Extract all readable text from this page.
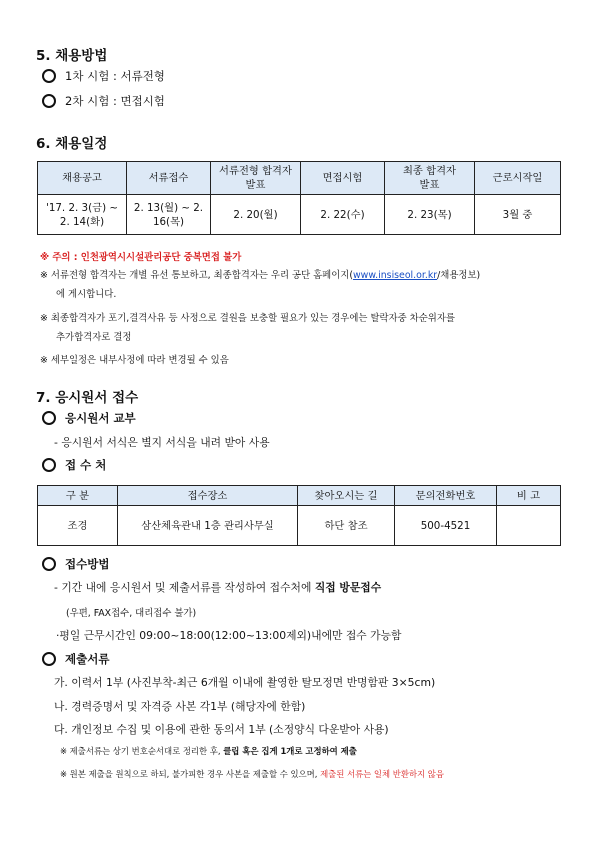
5. 채용방법
1차 시험 : 서류전형
2차 시험 : 면접시험
6. 채용일정
채용공고	서류접수	서류전형 합격자발표	면접시험	최종 합격자발표	근로시작일
'17. 2. 3(금) ~ 2. 14(화)	2. 13(월) ~ 2. 16(목)	2. 20(월)	2. 22(수)	2. 23(목)	3월 중
※ 주의 : 인천광역시시설관리공단 중복면접 불가
※ 서류전형 합격자는 개별 유선 통보하고, 최종합격자는 우리 공단 홈페이지(www.insiseol.or.kr/채용정보)
에 게시합니다.
※ 최종합격자가 포기,결격사유 등 사정으로 결원을 보충할 필요가 있는 경우에는 탈락자중 차순위자를
추가합격자로 결정
※ 세부일정은 내부사정에 따라 변경될 수 있음
7. 응시원서 접수
응시원서 교부
- 응시원서 서식은 별지 서식을 내려 받아 사용
접 수 처
구 분	접수장소	찾아오시는 길	문의전화번호	비 고
조경	삼산체육관내 1층 관리사무실	하단 참조	500-4521	
접수방법
- 기간 내에 응시원서 및 제출서류를 작성하여 접수처에 직접 방문접수
(우편, FAX접수, 대리접수 불가)
·평일 근무시간인 09:00~18:00(12:00~13:00제외)내에만 접수 가능함
제출서류
가. 이력서 1부 (사진부착-최근 6개월 이내에 촬영한 탈모정면 반명함판 3×5cm)
나. 경력증명서 및 자격증 사본 각1부 (해당자에 한함)
다. 개인정보 수집 및 이용에 관한 동의서 1부 (소정양식 다운받아 사용)
※ 제출서류는 상기 번호순서대로 정리한 후, 클립 혹은 집게 1개로 고정하여 제출
※ 원본 제출을 원칙으로 하되, 불가피한 경우 사본을 제출할 수 있으며, 제출된 서류는 일체 반환하지 않음
